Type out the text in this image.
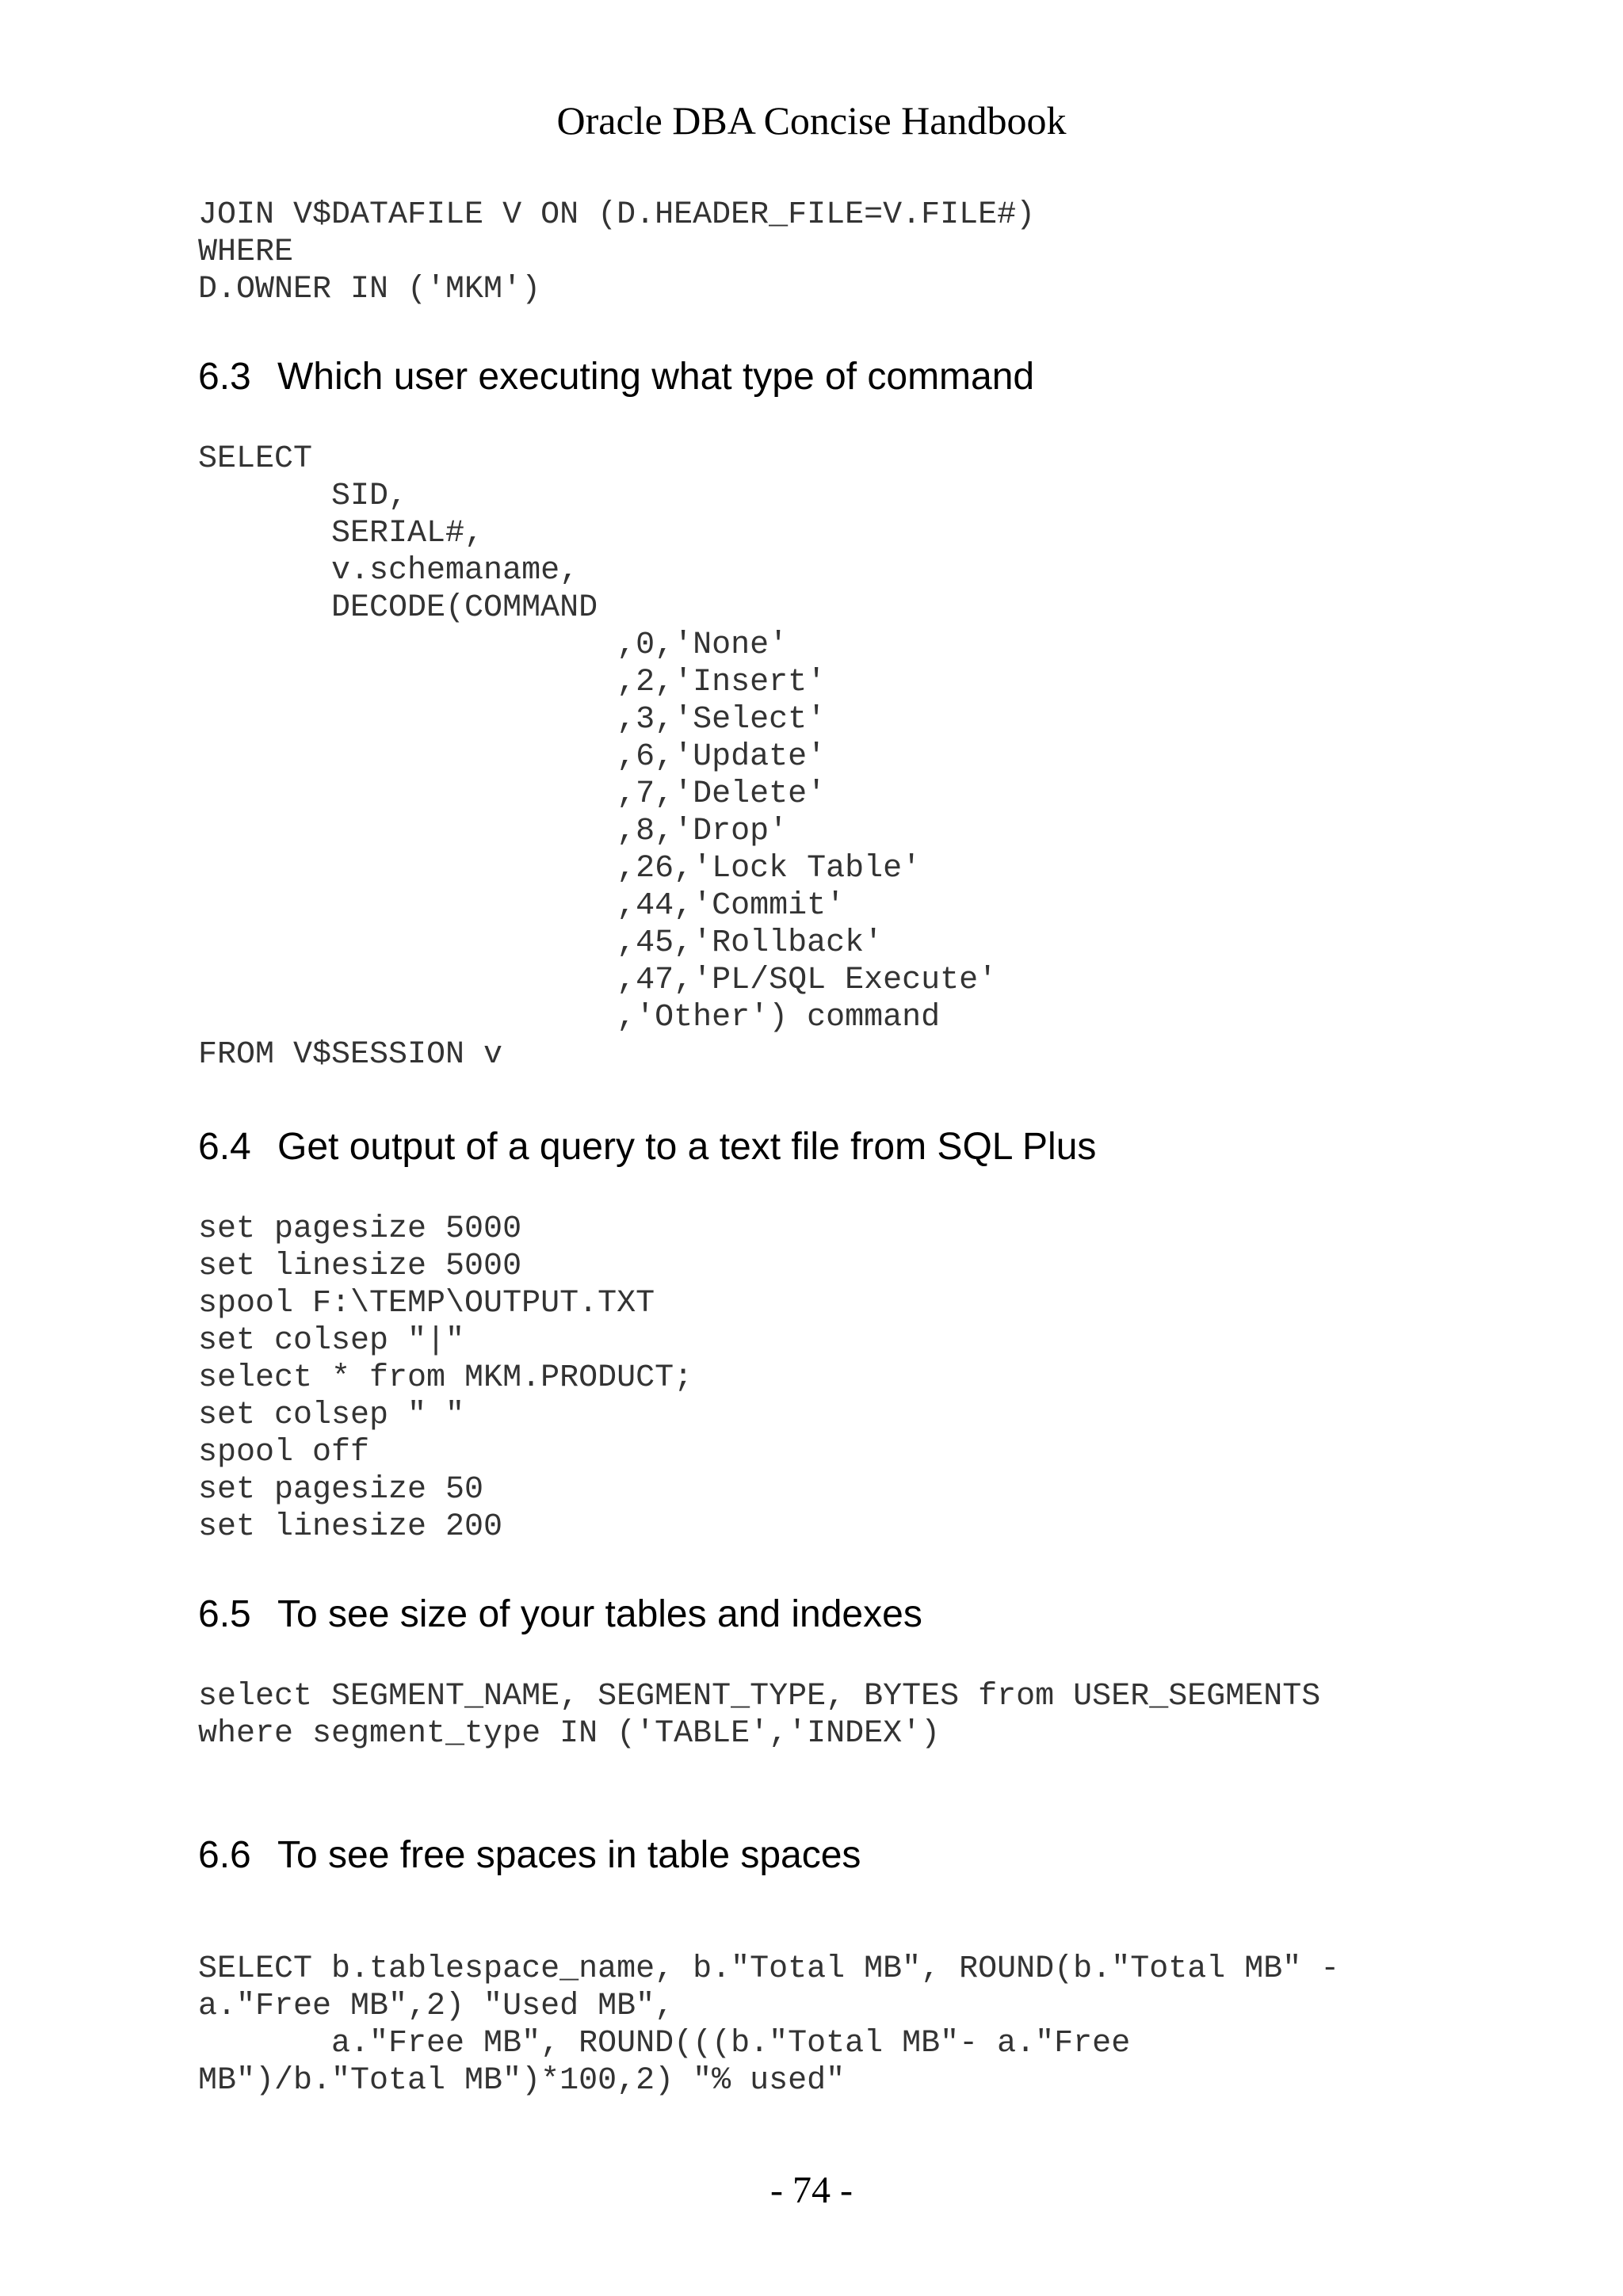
Oracle DBA Concise Handbook
JOIN V$DATAFILE V ON (D.HEADER_FILE=V.FILE#)
WHERE
D.OWNER IN ('MKM')
6.3 Which user executing what type of command
SELECT
SID,
SERIAL#,
v.schemaname,
DECODE(COMMAND
,0,'None'
,2,'Insert'
,3,'Select'
,6,'Update'
,7,'Delete'
,8,'Drop'
,26,'Lock Table'
,44,'Commit'
,45,'Rollback'
,47,'PL/SQL Execute'
,'Other') command
FROM V$SESSION v
6.4 Get output of a query to a text file from SQL Plus
set pagesize 5000
set linesize 5000
spool F:\TEMP\OUTPUT.TXT
set colsep "|"
select * from MKM.PRODUCT;
set colsep " "
spool off
set pagesize 50
set linesize 200
6.5 To see size of your tables and indexes
select SEGMENT_NAME, SEGMENT_TYPE, BYTES from USER_SEGMENTS
where segment_type IN ('TABLE','INDEX')
6.6 To see free spaces in table spaces
SELECT b.tablespace_name, b."Total MB", ROUND(b."Total MB" -
a."Free MB",2) "Used MB",
a."Free MB", ROUND(((b."Total MB"- a."Free
MB")/b."Total MB")*100,2) "% used"
- 74 -
